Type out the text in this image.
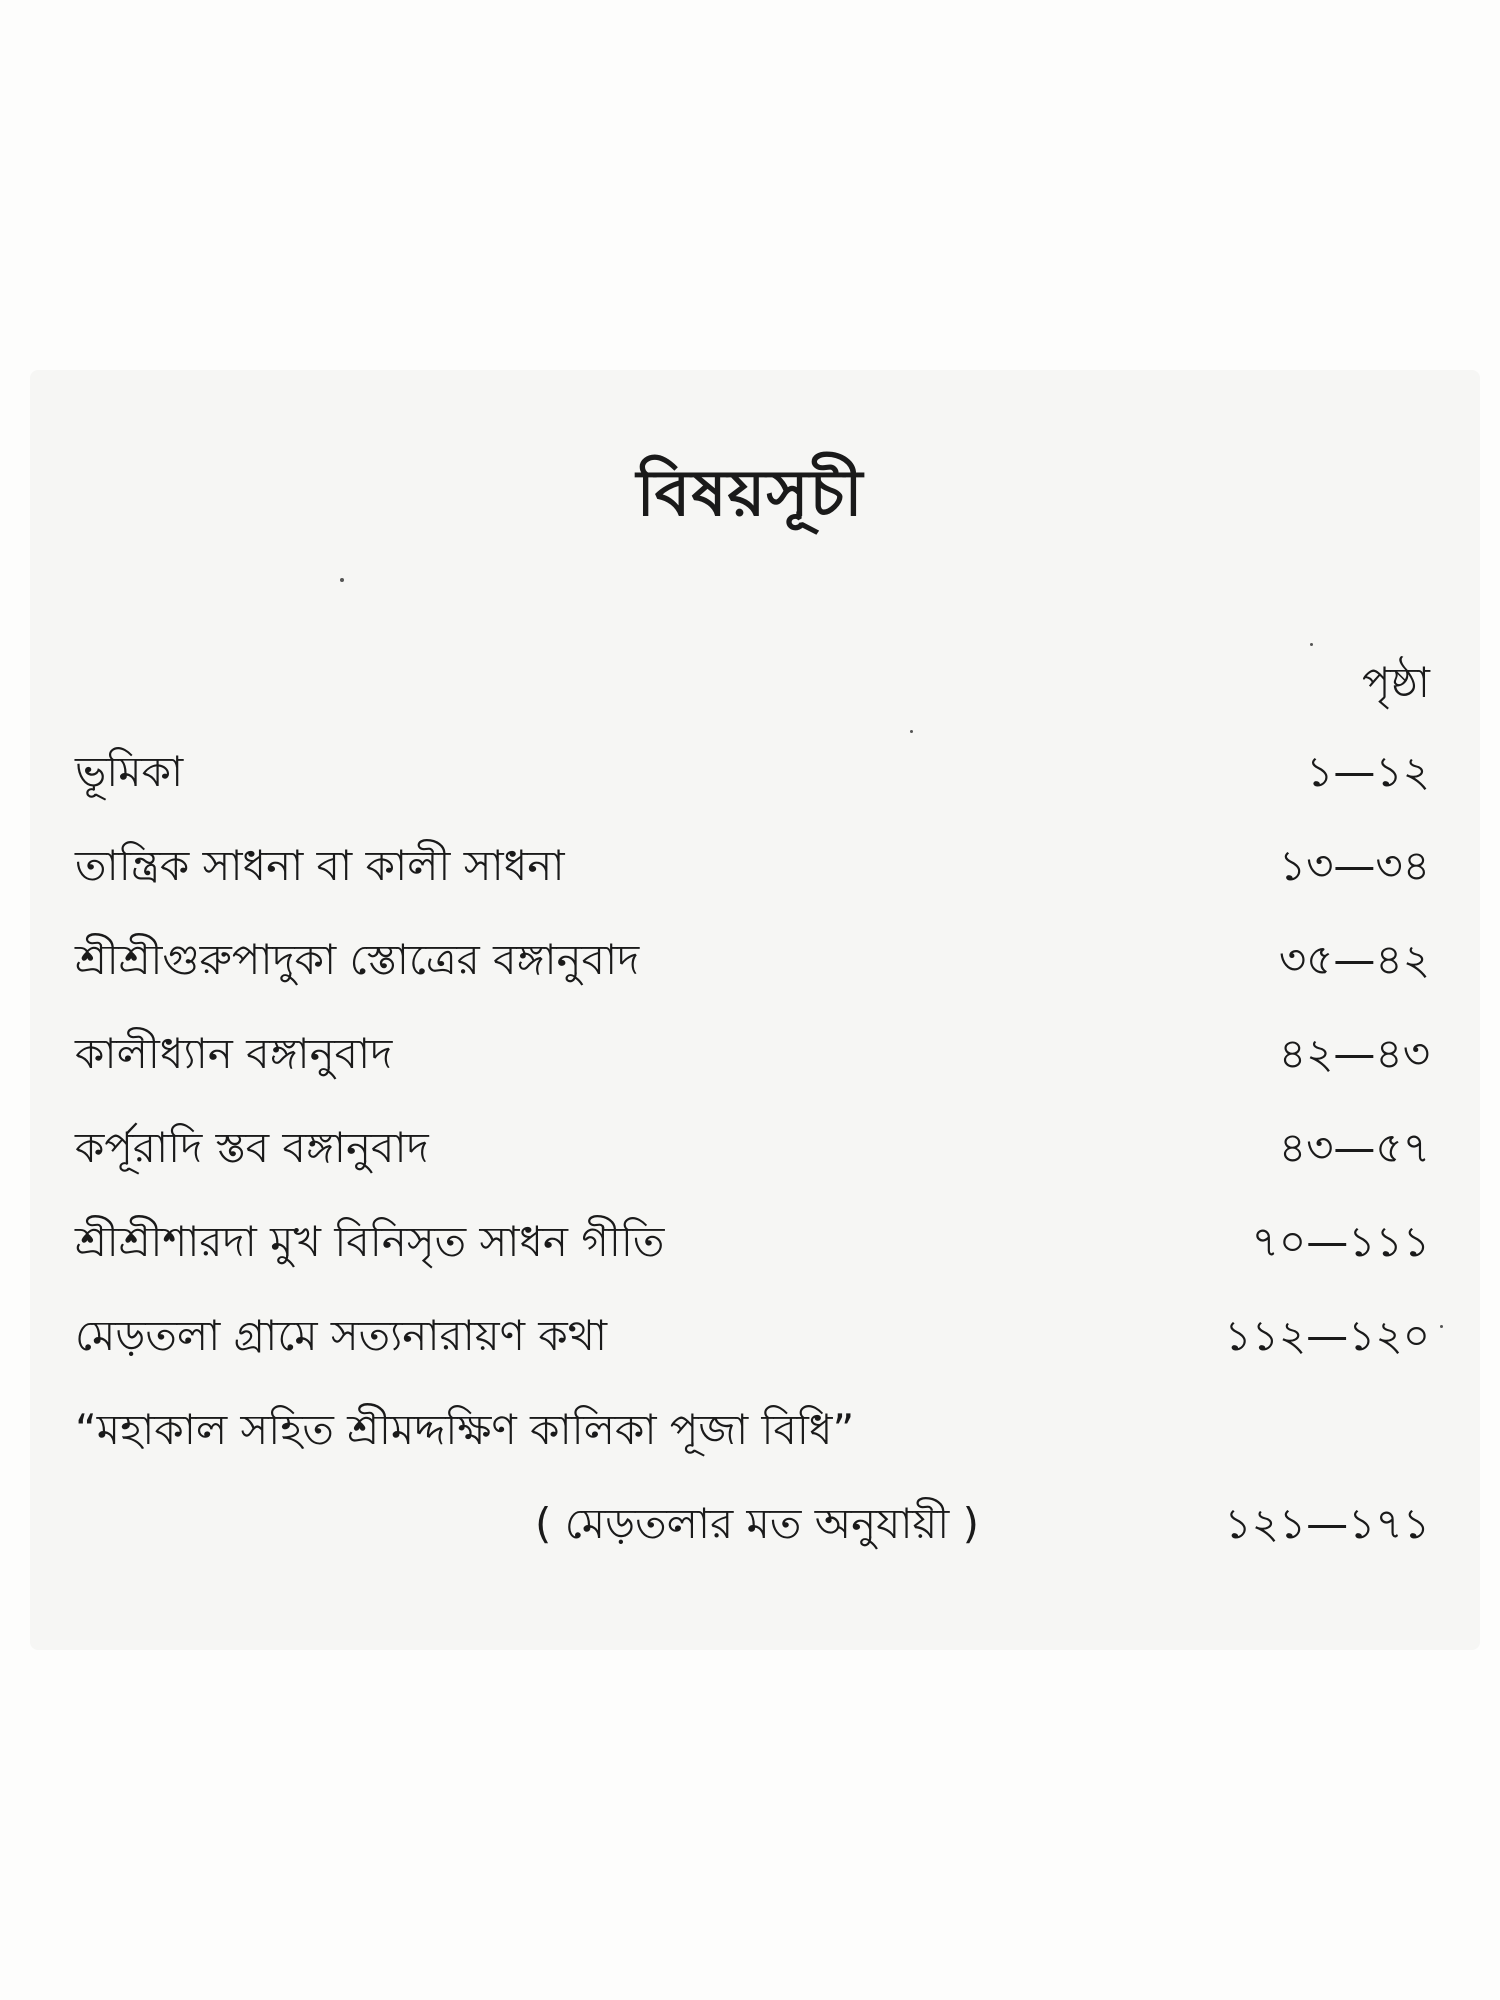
বিষয়সূচী
পৃষ্ঠা
ভূমিকা	১—১২
তান্ত্রিক সাধনা বা কালী সাধনা	১৩—৩৪
শ্রীশ্রীগুরুপাদুকা স্তোত্রের বঙ্গানুবাদ	৩৫—৪২
কালীধ্যান বঙ্গানুবাদ	৪২—৪৩
কর্পূরাদি স্তব বঙ্গানুবাদ	৪৩—৫৭
শ্রীশ্রীশারদা মুখ বিনিসৃত সাধন গীতি	৭০—১১১
মেড়তলা গ্রামে সত্যনারায়ণ কথা	১১২—১২০
“মহাকাল সহিত শ্রীমদ্দক্ষিণ কালিকা পূজা বিধি”
( মেড়তলার মত অনুযায়ী )	১২১—১৭১
